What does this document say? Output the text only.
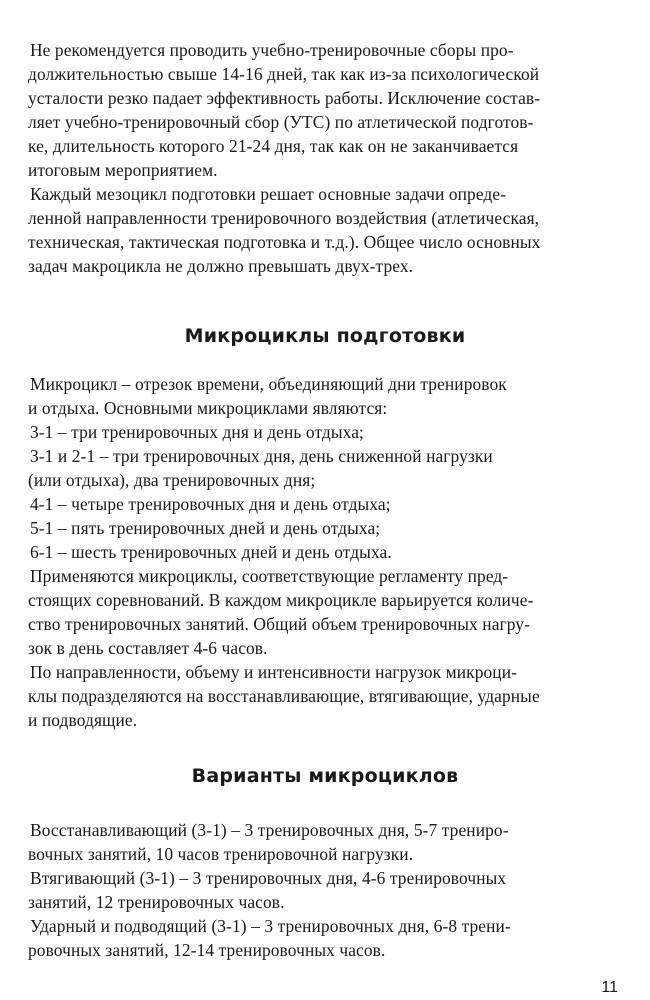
Не рекомендуется проводить учебно-тренировочные сборы про-
должительностью свыше 14-16 дней, так как из-за психологической
усталости резко падает эффективность работы. Исключение состав-
ляет учебно-тренировочный сбор (УТС) по атлетической подготов-
ке, длительность которого 21-24 дня, так как он не заканчивается
итоговым мероприятием.
Каждый мезоцикл подготовки решает основные задачи опреде-
ленной направленности тренировочного воздействия (атлетическая,
техническая, тактическая подготовка и т.д.). Общее число основных
задач макроцикла не должно превышать двух-трех.
Микроциклы подготовки
Микроцикл – отрезок времени, объединяющий дни тренировок
и отдыха. Основными микроциклами являются:
3-1 – три тренировочных дня и день отдыха;
3-1 и 2-1 – три тренировочных дня, день сниженной нагрузки
(или отдыха), два тренировочных дня;
4-1 – четыре тренировочных дня и день отдыха;
5-1 – пять тренировочных дней и день отдыха;
6-1 – шесть тренировочных дней и день отдыха.
Применяются микроциклы, соответствующие регламенту пред-
стоящих соревнований. В каждом микроцикле варьируется количе-
ство тренировочных занятий. Общий объем тренировочных нагру-
зок в день составляет 4-6 часов.
По направленности, объему и интенсивности нагрузок микроци-
клы подразделяются на восстанавливающие, втягивающие, ударные
и подводящие.
Варианты микроциклов
Восстанавливающий (3-1) – 3 тренировочных дня, 5-7 трениро-
вочных занятий, 10 часов тренировочной нагрузки.
Втягивающий (3-1) – 3 тренировочных дня, 4-6 тренировочных
занятий, 12 тренировочных часов.
Ударный и подводящий (3-1) – 3 тренировочных дня, 6-8 трени-
ровочных занятий, 12-14 тренировочных часов.
11
